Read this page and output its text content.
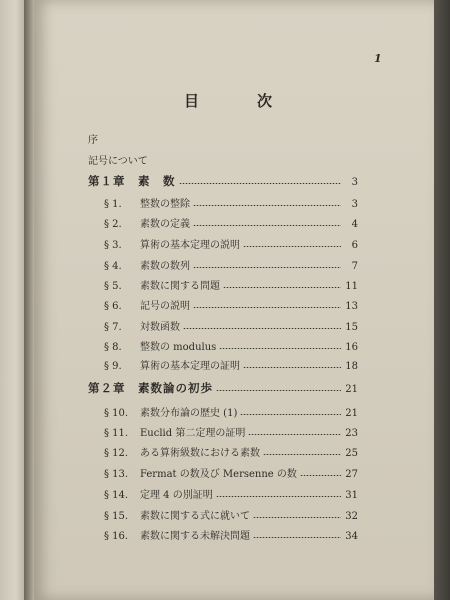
1
目	次
序
記号について
第１章　素　数	3
§ 1. 整数の整除	3
§ 2. 素数の定義	4
§ 3. 算術の基本定理の説明	6
§ 4. 素数の数列	7
§ 5. 素数に関する問題	11
§ 6. 記号の説明	13
§ 7. 対数函数	15
§ 8. 整数の modulus	16
§ 9. 算術の基本定理の証明	18
第２章　素数論の初歩	21
§ 10. 素数分布論の歴史 (1)	21
§ 11. Euclid 第二定理の証明	23
§ 12. ある算術級数における素数	25
§ 13. Fermat の数及び Mersenne の数	27
§ 14. 定理 4 の別証明	31
§ 15. 素数に関する式に就いて	32
§ 16. 素数に関する未解決問題	34
